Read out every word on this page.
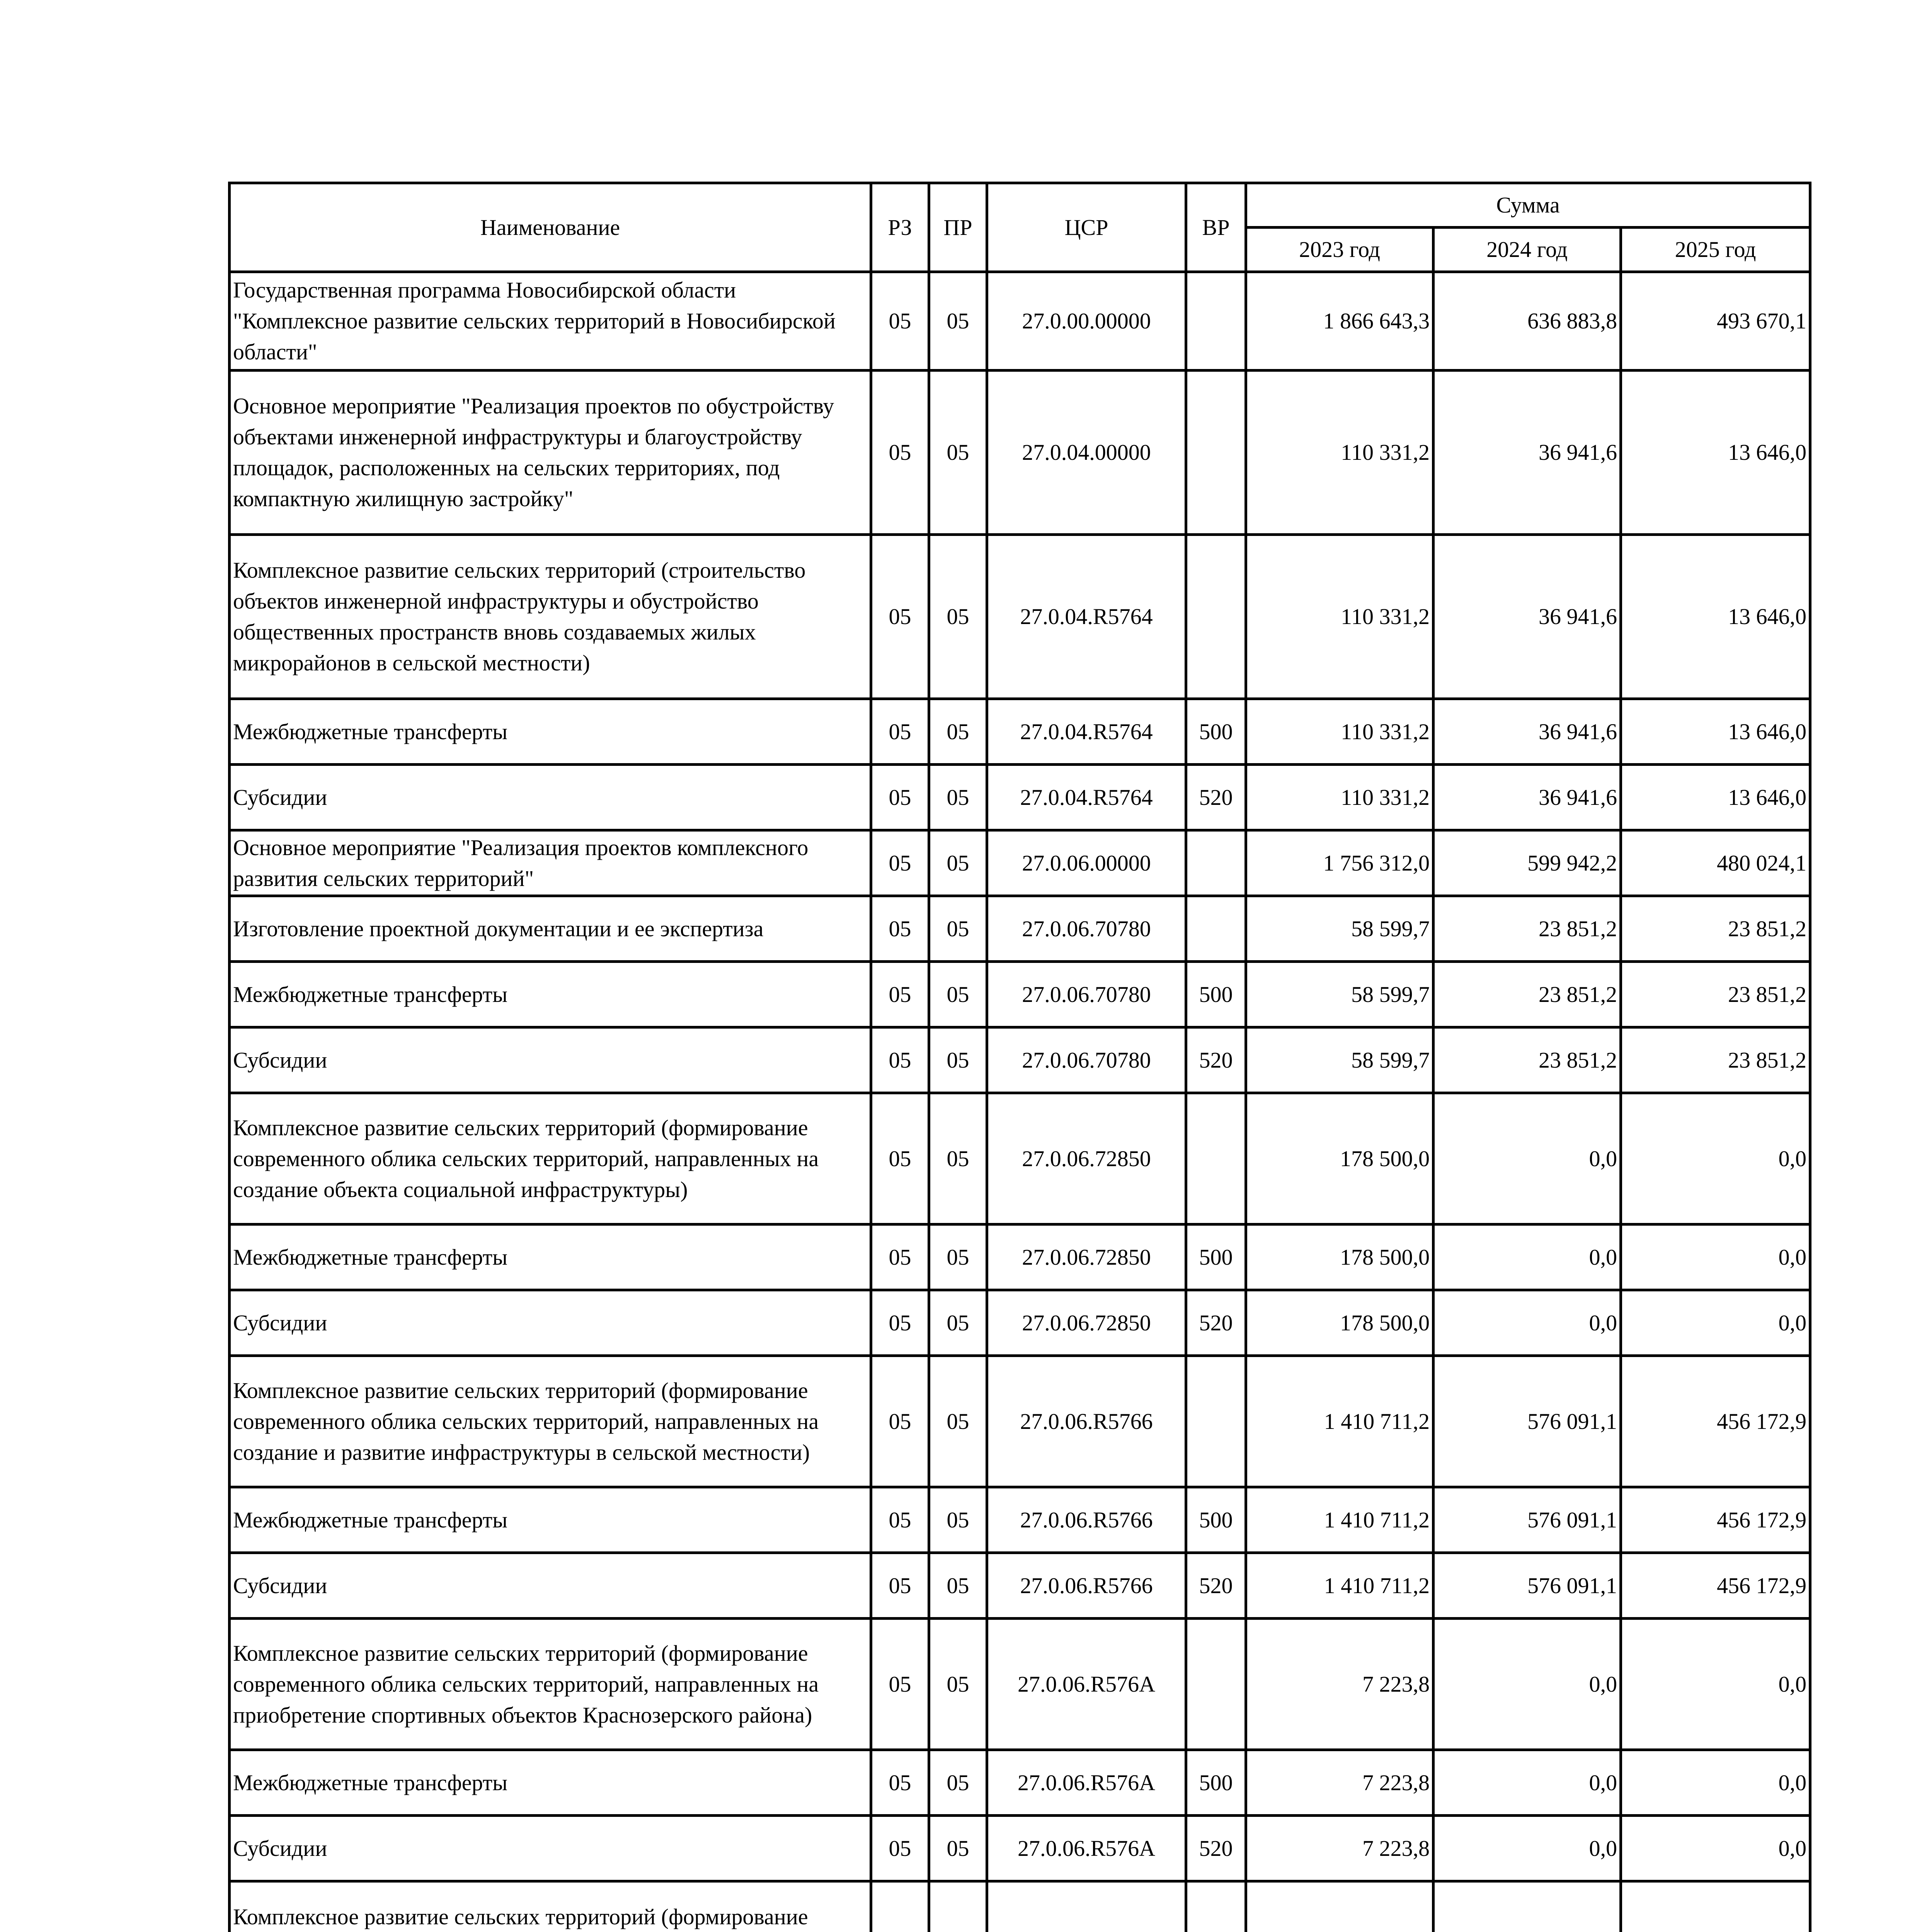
Наименование	РЗ	ПР	ЦСР	ВР	Сумма		
					2023 год	2024 год	2025 год
Государственная программа Новосибирской области "Комплексное развитие сельских территорий в Новосибирской области"	05	05	27.0.00.00000		1 866 643,3	636 883,8	493 670,1
Основное мероприятие "Реализация проектов по обустройству объектами инженерной инфраструктуры и благоустройству площадок, расположенных на сельских территориях, под компактную жилищную застройку"	05	05	27.0.04.00000		110 331,2	36 941,6	13 646,0
Комплексное развитие сельских территорий (строительство объектов инженерной инфраструктуры и обустройство общественных пространств вновь создаваемых жилых микрорайонов в сельской местности)	05	05	27.0.04.R5764		110 331,2	36 941,6	13 646,0
Межбюджетные трансферты	05	05	27.0.04.R5764	500	110 331,2	36 941,6	13 646,0
Субсидии	05	05	27.0.04.R5764	520	110 331,2	36 941,6	13 646,0
Основное мероприятие "Реализация проектов комплексного развития сельских территорий"	05	05	27.0.06.00000		1 756 312,0	599 942,2	480 024,1
Изготовление проектной документации и ее экспертиза	05	05	27.0.06.70780		58 599,7	23 851,2	23 851,2
Межбюджетные трансферты	05	05	27.0.06.70780	500	58 599,7	23 851,2	23 851,2
Субсидии	05	05	27.0.06.70780	520	58 599,7	23 851,2	23 851,2
Комплексное развитие сельских территорий (формирование современного облика сельских территорий, направленных на создание объекта социальной инфраструктуры)	05	05	27.0.06.72850		178 500,0	0,0	0,0
Межбюджетные трансферты	05	05	27.0.06.72850	500	178 500,0	0,0	0,0
Субсидии	05	05	27.0.06.72850	520	178 500,0	0,0	0,0
Комплексное развитие сельских территорий (формирование современного облика сельских территорий, направленных на создание и развитие инфраструктуры в сельской местности)	05	05	27.0.06.R5766		1 410 711,2	576 091,1	456 172,9
Межбюджетные трансферты	05	05	27.0.06.R5766	500	1 410 711,2	576 091,1	456 172,9
Субсидии	05	05	27.0.06.R5766	520	1 410 711,2	576 091,1	456 172,9
Комплексное развитие сельских территорий (формирование современного облика сельских территорий, направленных на приобретение спортивных объектов Краснозерского района)	05	05	27.0.06.R576A		7 223,8	0,0	0,0
Межбюджетные трансферты	05	05	27.0.06.R576A	500	7 223,8	0,0	0,0
Субсидии	05	05	27.0.06.R576A	520	7 223,8	0,0	0,0
Комплексное развитие сельских территорий (формирование							
